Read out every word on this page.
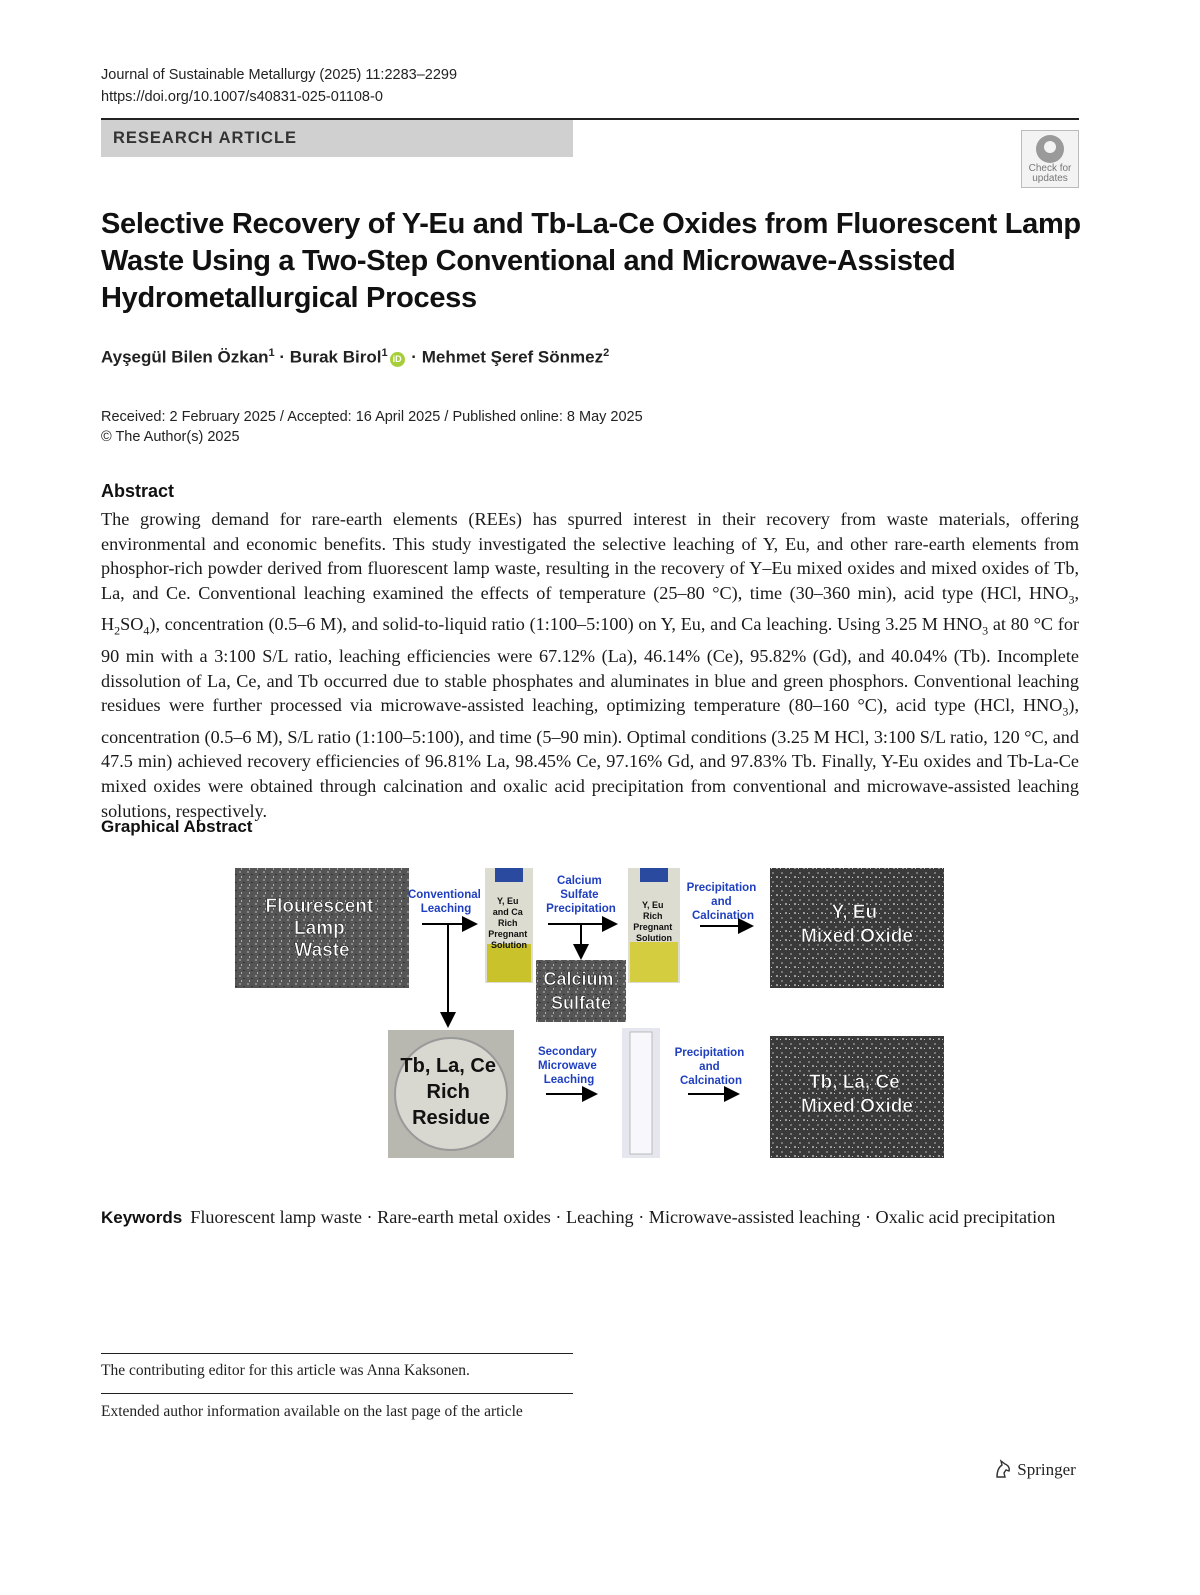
Journal of Sustainable Metallurgy (2025) 11:2283–2299
https://doi.org/10.1007/s40831-025-01108-0
RESEARCH ARTICLE
Check for updates
Selective Recovery of Y-Eu and Tb-La-Ce Oxides from Fluorescent Lamp Waste Using a Two-Step Conventional and Microwave-Assisted Hydrometallurgical Process
Ayşegül Bilen Özkan$^1$ · Burak Birol$^1$ iD · Mehmet Şeref Sönmez$^2$
Received: 2 February 2025 / Accepted: 16 April 2025 / Published online: 8 May 2025
© The Author(s) 2025
Abstract
The growing demand for rare-earth elements (REEs) has spurred interest in their recovery from waste materials, offering environmental and economic benefits. This study investigated the selective leaching of Y, Eu, and other rare-earth elements from phosphor-rich powder derived from fluorescent lamp waste, resulting in the recovery of Y–Eu mixed oxides and mixed oxides of Tb, La, and Ce. Conventional leaching examined the effects of temperature (25–80 °C), time (30–360 min), acid type (HCl, $HNO_3$, $H_2SO_4$), concentration (0.5–6 M), and solid-to-liquid ratio (1:100–5:100) on Y, Eu, and Ca leaching. Using 3.25 M $HNO_3$ at 80 °C for 90 min with a 3:100 S/L ratio, leaching efficiencies were 67.12% (La), 46.14% (Ce), 95.82% (Gd), and 40.04% (Tb). Incomplete dissolution of La, Ce, and Tb occurred due to stable phosphates and aluminates in blue and green phosphors. Conventional leaching residues were further processed via microwave-assisted leaching, optimizing temperature (80–160 °C), acid type (HCl, $HNO_3$), concentration (0.5–6 M), S/L ratio (1:100–5:100), and time (5–90 min). Optimal conditions (3.25 M HCl, 3:100 S/L ratio, 120 °C, and 47.5 min) achieved recovery efficiencies of 96.81% La, 98.45% Ce, 97.16% Gd, and 97.83% Tb. Finally, Y-Eu oxides and Tb-La-Ce mixed oxides were obtained through calcination and oxalic acid precipitation from conventional and microwave-assisted leaching solutions, respectively.
Graphical Abstract
Flourescent Lamp Waste
Conventional Leaching
Y, Eu and Ca Rich Pregnant Solution
Calcium Sulfate Precipitation
Calcium Sulfate
Y, Eu Rich Pregnant Solution
Precipitation and Calcination	Y, Eu Mixed Oxide
Tb, La, Ce Rich Residue
Secondary Microwave Leaching
Precipitation and Calcination	Tb, La, Ce Mixed Oxide
Keywords Fluorescent lamp waste · Rare-earth metal oxides · Leaching · Microwave-assisted leaching · Oxalic acid precipitation
The contributing editor for this article was Anna Kaksonen.
Extended author information available on the last page of the article
Springer
